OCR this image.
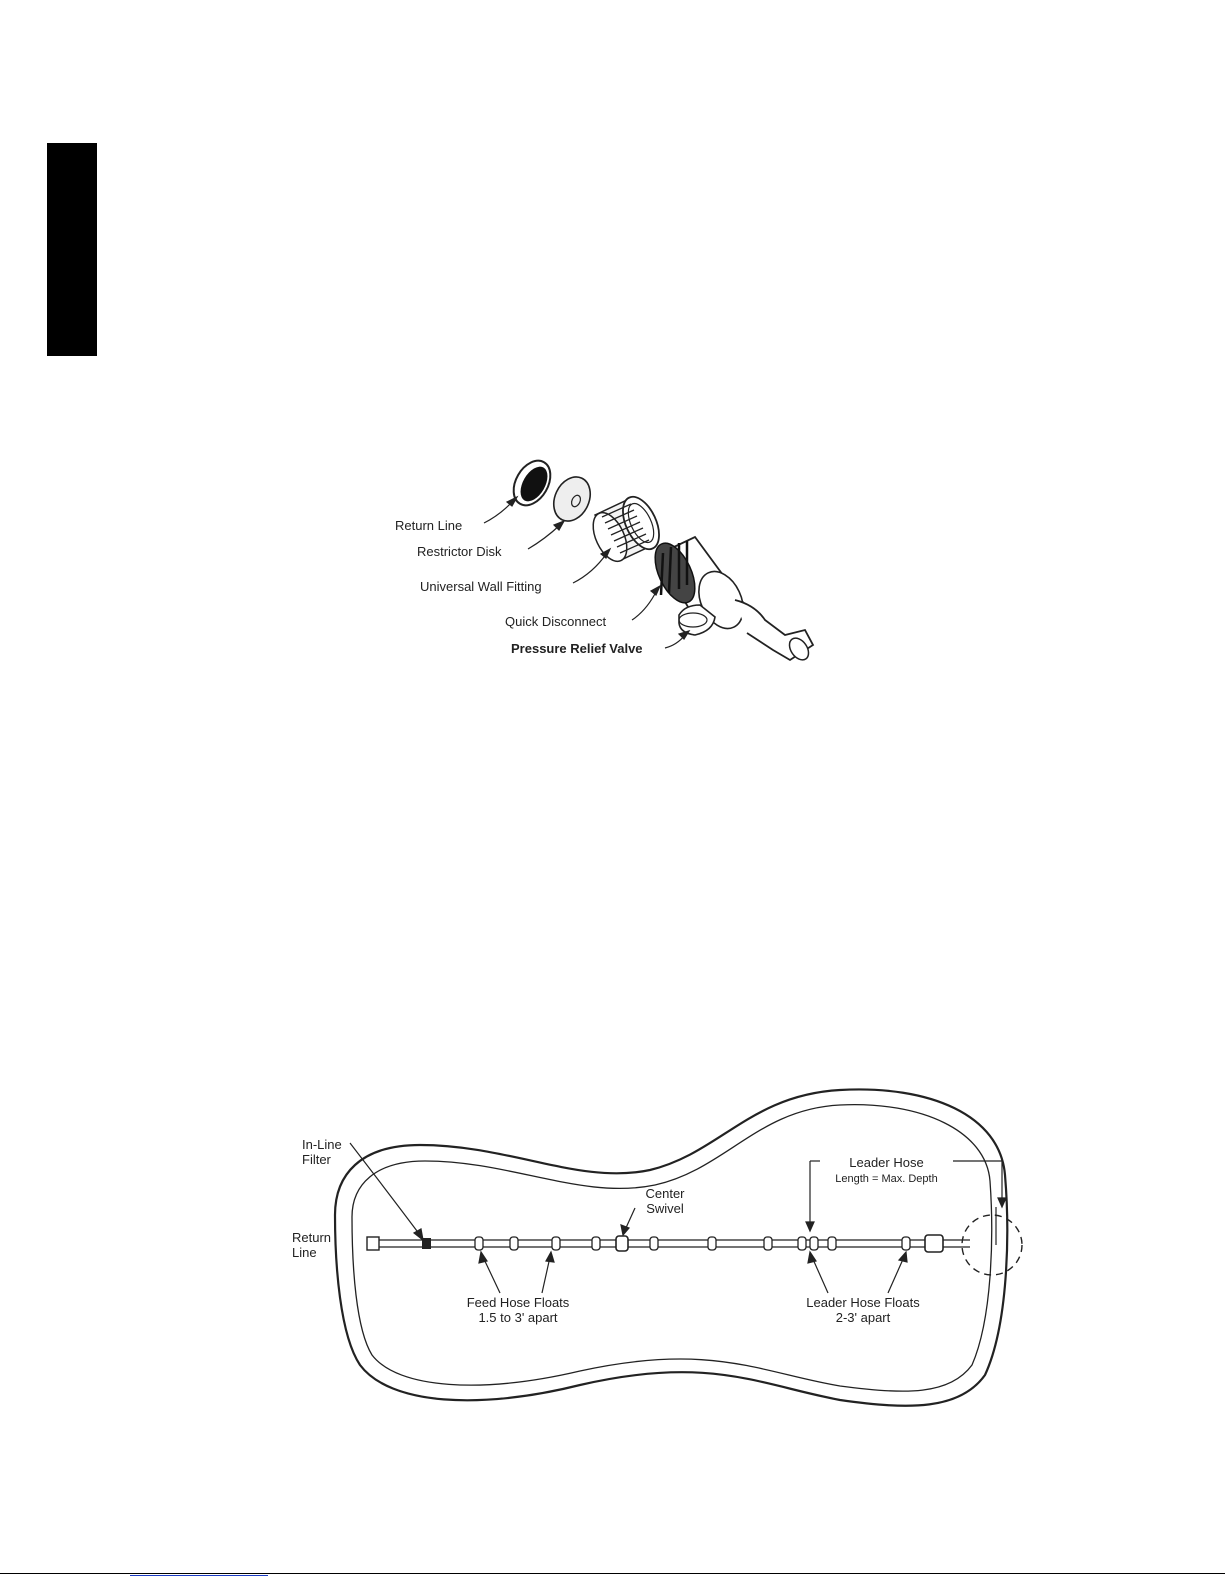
Return Line
Restrictor Disk
Universal Wall Fitting
Quick Disconnect
Pressure Relief Valve
In-Line
Filter
Return
Line
Center
Swivel
Leader Hose
Length = Max. Depth
Feed Hose Floats
1.5 to 3' apart
Leader Hose Floats
2-3' apart
